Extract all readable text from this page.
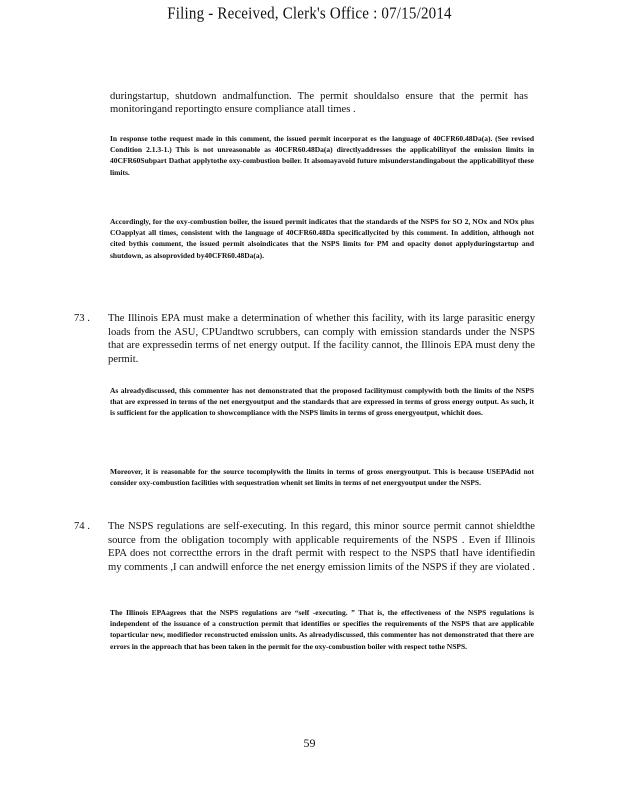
Filing - Received, Clerk's Office : 07/15/2014

duringstartup, shutdown andmalfunction. The permit shouldalso ensure that the permit has monitoringand reportingto ensure compliance atall times .

In response tothe request made in this comment, the issued permit incorporat es the language of 40CFR60.48Da(a). (See revised Condition 2.1.3-1.) This is not unreasonable as 40CFR60.48Da(a) directlyaddresses the applicabilityof the emission limits in 40CFR60Subpart Dathat applytothe oxy-combustion boiler. It alsomayavoid future misunderstandingabout the applicabilityof these limits.

Accordingly, for the oxy-combustion boiler, the issued permit indicates that the standards of the NSPS for SO 2, NOx and NOx plus COapplyat all times, consistent with the language of 40CFR60.48Da specificallycited by this comment. In addition, although not cited bythis comment, the issued permit alsoindicates that the NSPS limits for PM and opacity donot applyduringstartup and shutdown, as alsoprovided by40CFR60.48Da(a).

73 . The Illinois EPA must make a determination of whether this facility, with its large parasitic energy loads from the ASU, CPUandtwo scrubbers, can comply with emission standards under the NSPS that are expressedin terms of net energy output. If the facility cannot, the Illinois EPA must deny the permit.

As alreadydiscussed, this commenter has not demonstrated that the proposed facilitymust complywith both the limits of the NSPS that are expressed in terms of the net energyoutput and the standards that are expressed in terms of gross energy output. As such, it is sufficient for the application to showcompliance with the NSPS limits in terms of gross energyoutput, whichit does.

Moreover, it is reasonable for the source tocomplywith the limits in terms of gross energyoutput. This is because USEPAdid not consider oxy-combustion facilities with sequestration whenit set limits in terms of net energyoutput under the NSPS.

74 . The NSPS regulations are self-executing. In this regard, this minor source permit cannot shieldthe source from the obligation tocomply with applicable requirements of the NSPS . Even if Illinois EPA does not correctthe errors in the draft permit with respect to the NSPS thatI have identifiedin my comments ,I can andwill enforce the net energy emission limits of the NSPS if they are violated .

The Illinois EPAagrees that the NSPS regulations are “self -executing. ” That is, the effectiveness of the NSPS regulations is independent of the issuance of a construction permit that identifies or specifies the requirements of the NSPS that are applicable toparticular new, modifiedor reconstructed emission units. As alreadydiscussed, this commenter has not demonstrated that there are errors in the approach that has been taken in the permit for the oxy-combustion boiler with respect tothe NSPS.

59
